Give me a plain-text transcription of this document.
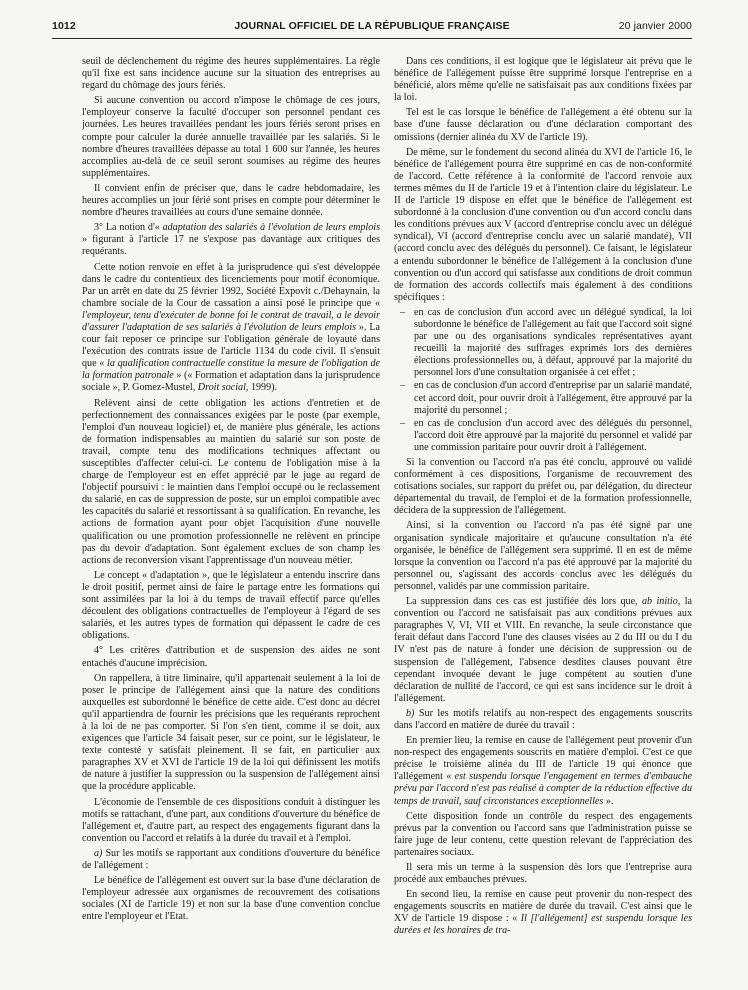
1012	JOURNAL OFFICIEL DE LA RÉPUBLIQUE FRANÇAISE	20 janvier 2000

seuil de déclenchement du régime des heures supplémentaires. La règle qu'il fixe est sans incidence aucune sur la situation des entreprises au regard du chômage des jours fériés.

Si aucune convention ou accord n'impose le chômage de ces jours, l'employeur conserve la faculté d'occuper son personnel pendant ces journées. Les heures travaillées pendant les jours fériés seront prises en compte pour calculer la durée annuelle travaillée par les salariés. Si le nombre d'heures travaillées dépasse au total 1 600 sur l'année, les heures accomplies au-delà de ce seuil seront soumises au régime des heures supplémentaires.

Il convient enfin de préciser que, dans le cadre hebdomadaire, les heures accomplies un jour férié sont prises en compte pour déterminer le nombre d'heures travaillées au cours d'une semaine donnée.

3° La notion d'« adaptation des salariés à l'évolution de leurs emplois » figurant à l'article 17 ne s'expose pas davantage aux critiques des requérants.

Cette notion renvoie en effet à la jurisprudence qui s'est développée dans le cadre du contentieux des licenciements pour motif économique. Par un arrêt en date du 25 février 1992, Société Expovit c./Dehaynain, la chambre sociale de la Cour de cassation a ainsi posé le principe que « l'employeur, tenu d'exécuter de bonne foi le contrat de travail, a le devoir d'assurer l'adaptation de ses salariés à l'évolution de leurs emplois ». La cour fait reposer ce principe sur l'obligation générale de loyauté dans l'exécution des contrats issue de l'article 1134 du code civil. Il s'ensuit que « la qualification contractuelle constitue la mesure de l'obligation de la formation patronale » (« Formation et adaptation dans la jurisprudence sociale », P. Gomez-Mustel, Droit social, 1999).

Relèvent ainsi de cette obligation les actions d'entretien et de perfectionnement des connaissances exigées par le poste (par exemple, l'emploi d'un nouveau logiciel) et, de manière plus générale, les actions de formation indispensables au maintien du salarié sur son poste de travail, compte tenu des modifications techniques affectant ou susceptibles d'affecter celui-ci. Le contenu de l'obligation mise à la charge de l'employeur est en effet apprécié par le juge au regard de l'objectif poursuivi : le maintien dans l'emploi occupé ou le reclassement du salarié, en cas de suppression de poste, sur un emploi compatible avec les capacités du salarié et ressortissant à sa qualification. En revanche, les actions de formation ayant pour objet l'acquisition d'une nouvelle qualification ou une promotion professionnelle ne relèvent en principe pas du devoir d'adaptation. Sont également exclues de son champ les actions de reconversion visant l'apprentissage d'un nouveau métier.

Le concept « d'adaptation », que le législateur a entendu inscrire dans le droit positif, permet ainsi de faire le partage entre les formations qui sont assimilées par la loi à du temps de travail effectif parce qu'elles découlent des obligations contractuelles de l'employeur à l'égard de ses salariés, et les autres types de formation qui dépassent le cadre de ces obligations.

4° Les critères d'attribution et de suspension des aides ne sont entachés d'aucune imprécision.

On rappellera, à titre liminaire, qu'il appartenait seulement à la loi de poser le principe de l'allégement ainsi que la nature des conditions auxquelles est subordonné le bénéfice de cette aide. C'est donc au décret qu'il appartiendra de fournir les précisions que les requérants reprochent à la loi de ne pas comporter. Si l'on s'en tient, comme il se doit, aux exigences que l'article 34 faisait peser, sur ce point, sur le législateur, le texte contesté y satisfait pleinement. Il se fait, en particulier aux paragraphes XV et XVI de l'article 19 de la loi qui définissent les motifs de nature à justifier la suppression ou la suspension de l'allégement ainsi que la procédure applicable.

L'économie de l'ensemble de ces dispositions conduit à distinguer les motifs se rattachant, d'une part, aux conditions d'ouverture du bénéfice de l'allégement et, d'autre part, au respect des engagements figurant dans la convention ou l'accord et relatifs à la durée du travail et à l'emploi.

a) Sur les motifs se rapportant aux conditions d'ouverture du bénéfice de l'allégement :

Le bénéfice de l'allégement est ouvert sur la base d'une déclaration de l'employeur adressée aux organismes de recouvrement des cotisations sociales (XI de l'article 19) et non sur la base d'une convention conclue entre l'employeur et l'Etat.

Dans ces conditions, il est logique que le législateur ait prévu que le bénéfice de l'allégement puisse être supprimé lorsque l'entreprise en a bénéficié, alors même qu'elle ne satisfaisait pas aux conditions fixées par la loi.

Tel est le cas lorsque le bénéfice de l'allégement a été obtenu sur la base d'une fausse déclaration ou d'une déclaration comportant des omissions (dernier alinéa du XV de l'article 19).

De même, sur le fondement du second alinéa du XVI de l'article 16, le bénéfice de l'allégement pourra être supprimé en cas de non-conformité de l'accord. Cette référence à la conformité de l'accord renvoie aux termes mêmes du II de l'article 19 et à l'intention claire du législateur. Le II de l'article 19 dispose en effet que le bénéfice de l'allégement est subordonné à la conclusion d'une convention ou d'un accord conclu dans les conditions prévues aux V (accord d'entreprise conclu avec un délégué syndical), VI (accord d'entreprise conclu avec un salarié mandaté), VII (accord conclu avec des délégués du personnel). Ce faisant, le législateur a entendu subordonner le bénéfice de l'allégement à la conclusion d'une convention ou d'un accord qui satisfasse aux conditions de droit commun de formation des accords collectifs mais également à des conditions spécifiques :

– en cas de conclusion d'un accord avec un délégué syndical, la loi subordonne le bénéfice de l'allégement au fait que l'accord soit signé par une ou des organisations syndicales représentatives ayant recueilli la majorité des suffrages exprimés lors des dernières élections professionnelles ou, à défaut, approuvé par la majorité du personnel lors d'une consultation organisée à cet effet ;
– en cas de conclusion d'un accord d'entreprise par un salarié mandaté, cet accord doit, pour ouvrir droit à l'allégement, être approuvé par la majorité du personnel ;
– en cas de conclusion d'un accord avec des délégués du personnel, l'accord doit être approuvé par la majorité du personnel et validé par une commission paritaire pour ouvrir droit à l'allégement.

Si la convention ou l'accord n'a pas été conclu, approuvé ou validé conformément à ces dispositions, l'organisme de recouvrement des cotisations sociales, sur rapport du préfet ou, par délégation, du directeur départemental du travail, de l'emploi et de la formation professionnelle, décidera de la suppression de l'allégement.

Ainsi, si la convention ou l'accord n'a pas été signé par une organisation syndicale majoritaire et qu'aucune consultation n'a été organisée, le bénéfice de l'allégement sera supprimé. Il en est de même lorsque la convention ou l'accord n'a pas été approuvé par la majorité du personnel ou, s'agissant des accords conclus avec les délégués du personnel, validés par une commission paritaire.

La suppression dans ces cas est justifiée dès lors que, ab initio, la convention ou l'accord ne satisfaisait pas aux conditions prévues aux paragraphes V, VI, VII et VIII. En revanche, la seule circonstance que ferait défaut dans l'accord l'une des clauses visées au 2 du III ou du I du IV n'est pas de nature à fonder une décision de suppression ou de suspension de l'allégement, l'absence desdites clauses pouvant être cependant invoquée devant le juge compétent au soutien d'une déclaration de nullité de l'accord, ce qui est sans incidence sur le droit à l'allégement.

b) Sur les motifs relatifs au non-respect des engagements souscrits dans l'accord en matière de durée du travail :

En premier lieu, la remise en cause de l'allégement peut provenir d'un non-respect des engagements souscrits en matière d'emploi. C'est ce que précise le troisième alinéa du III de l'article 19 qui énonce que l'allégement « est suspendu lorsque l'engagement en termes d'embauche prévu par l'accord n'est pas réalisé à compter de la réduction effective du temps de travail, sauf circonstances exceptionnelles ».

Cette disposition fonde un contrôle du respect des engagements prévus par la convention ou l'accord sans que l'administration puisse se faire juge de leur contenu, cette question relevant de l'appréciation des partenaires sociaux.

Il sera mis un terme à la suspension dès lors que l'entreprise aura procédé aux embauches prévues.

En second lieu, la remise en cause peut provenir du non-respect des engagements souscrits en matière de durée du travail. C'est ainsi que le XV de l'article 19 dispose : « Il [l'allégement] est suspendu lorsque les durées et les horaires de tra-
